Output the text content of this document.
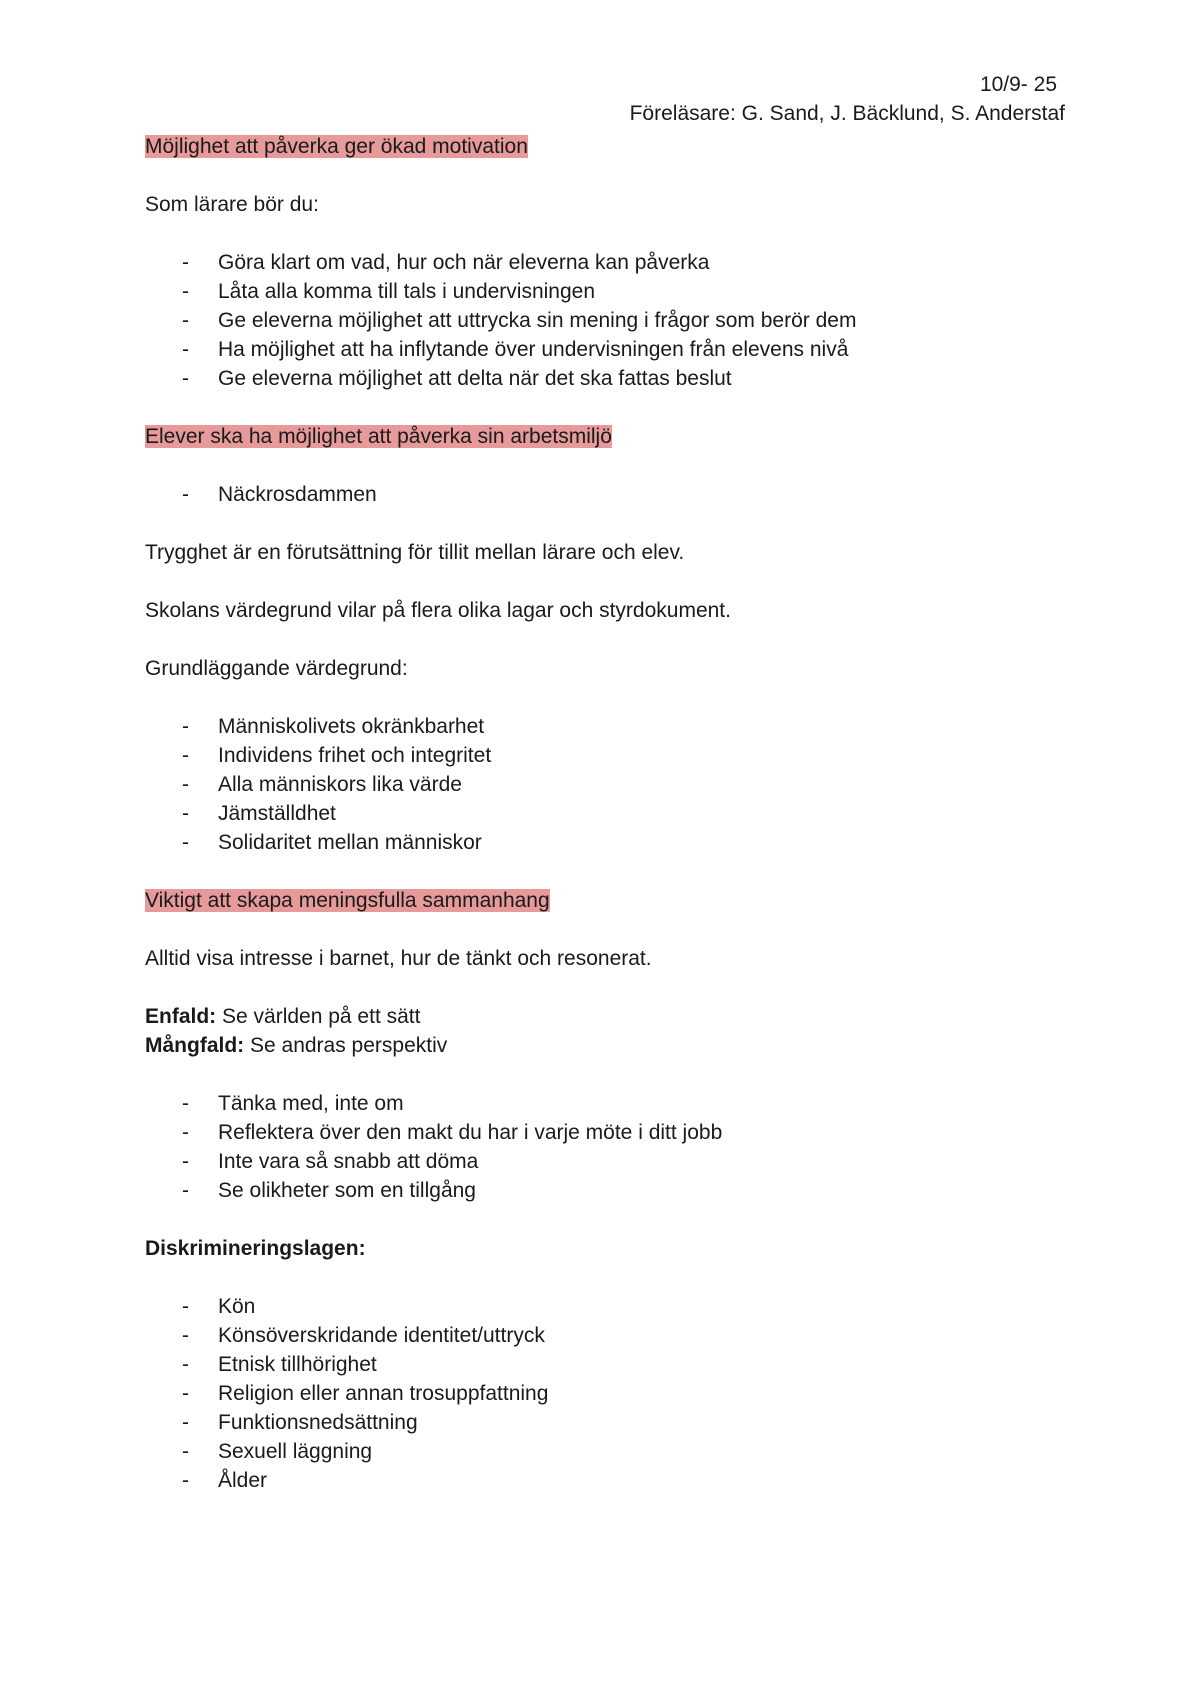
10/9- 25

Föreläsare: G. Sand, J. Bäcklund, S. Anderstaf

Möjlighet att påverka ger ökad motivation

Som lärare bör du:

- Göra klart om vad, hur och när eleverna kan påverka
- Låta alla komma till tals i undervisningen
- Ge eleverna möjlighet att uttrycka sin mening i frågor som berör dem
- Ha möjlighet att ha inflytande över undervisningen från elevens nivå
- Ge eleverna möjlighet att delta när det ska fattas beslut

Elever ska ha möjlighet att påverka sin arbetsmiljö

- Näckrosdammen

Trygghet är en förutsättning för tillit mellan lärare och elev.

Skolans värdegrund vilar på flera olika lagar och styrdokument.

Grundläggande värdegrund:

- Människolivets okränkbarhet
- Individens frihet och integritet
- Alla människors lika värde
- Jämställdhet
- Solidaritet mellan människor

Viktigt att skapa meningsfulla sammanhang

Alltid visa intresse i barnet, hur de tänkt och resonerat.

Enfald: Se världen på ett sätt

Mångfald: Se andras perspektiv

- Tänka med, inte om
- Reflektera över den makt du har i varje möte i ditt jobb
- Inte vara så snabb att döma
- Se olikheter som en tillgång

Diskrimineringslagen:

- Kön
- Könsöverskridande identitet/uttryck
- Etnisk tillhörighet
- Religion eller annan trosuppfattning
- Funktionsnedsättning
- Sexuell läggning
- Ålder
